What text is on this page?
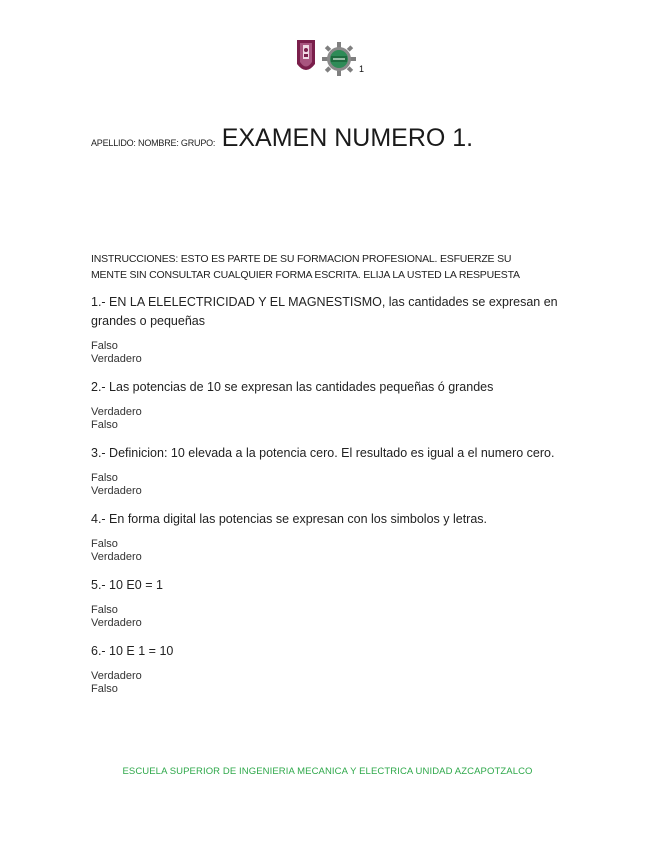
1
APELLIDO: NOMBRE: GRUPO: EXAMEN NUMERO 1.
INSTRUCCIONES: ESTO ES PARTE DE SU FORMACION PROFESIONAL. ESFUERZE SU
MENTE SIN CONSULTAR CUALQUIER FORMA ESCRITA. ELIJA LA USTED LA RESPUESTA

1.- EN LA ELELECTRICIDAD Y EL MAGNESTISMO, las cantidades se expresan en grandes o pequeñas

Falso
Verdadero

2.- Las potencias de 10 se expresan las cantidades pequeñas ó grandes

Verdadero
Falso

3.- Definicion: 10 elevada a la potencia cero. El resultado es igual a el numero cero.

Falso
Verdadero

4.- En forma digital las potencias se expresan con los simbolos y letras.

Falso
Verdadero

5.- 10 E0 = 1

Falso
Verdadero

6.- 10 E 1 = 10

Verdadero
Falso
ESCUELA SUPERIOR DE INGENIERIA MECANICA Y ELECTRICA UNIDAD AZCAPOTZALCO
